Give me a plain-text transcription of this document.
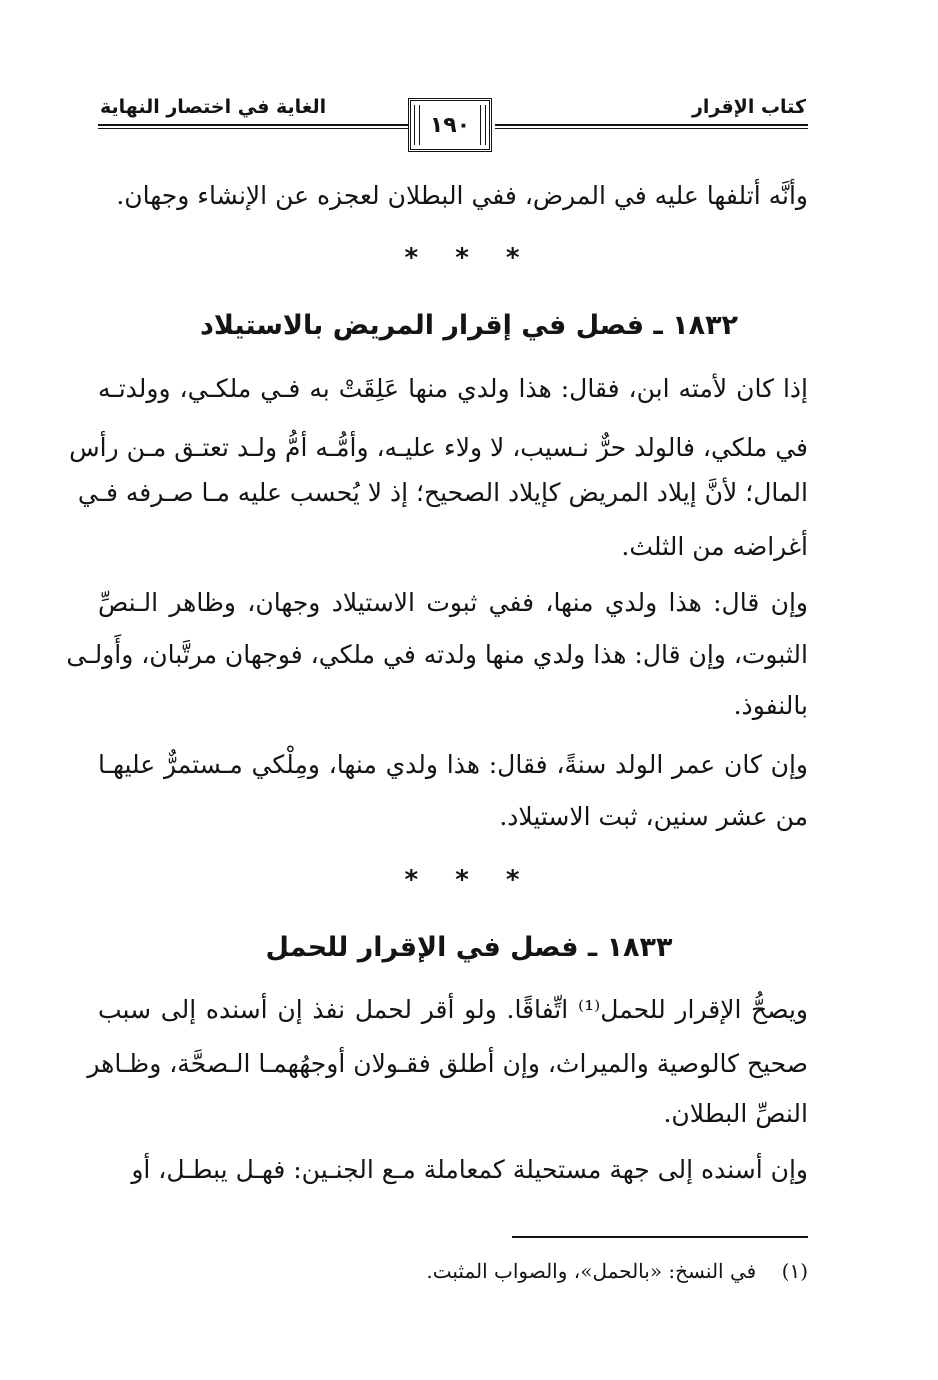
كتاب الإقرار
الغاية في اختصار النهاية
١٩٠
وأنَّه أتلفها عليه في المرض، ففي البطلان لعجزه عن الإنشاء وجهان.
* * *
١٨٣٢ ـ فصل في إقرار المريض بالاستيلاد
إذا كان لأمته ابن، فقال: هذا ولدي منها عَلِقَتْ به فـي ملكـي، وولدتـه
في ملكي، فالولد حرٌّ نـسيب، لا ولاء عليـه، وأمُّـه أمُّ ولـد تعتـق مـن رأس
المال؛ لأنَّ إيلاد المريض كإيلاد الصحيح؛ إذ لا يُحسب عليه مـا صـرفه فـي
أغراضه من الثلث.
وإن قال: هذا ولدي منها، ففي ثبوت الاستيلاد وجهان، وظاهر الـنصِّ
الثبوت، وإن قال: هذا ولدي منها ولدته في ملكي، فوجهان مرتَّبان، وأَولـى
بالنفوذ.
وإن كان عمر الولد سنةً، فقال: هذا ولدي منها، ومِلْكي مـستمرٌّ عليهـا
من عشر سنين، ثبت الاستيلاد.
* * *
١٨٣٣ ـ فصل في الإقرار للحمل
ويصحُّ الإقرار للحمل⁽¹⁾ اتِّفاقًا. ولو أقر لحمل نفذ إن أسنده إلى سبب
صحيح كالوصية والميراث، وإن أطلق فقـولان أوجهُهمـا الـصحَّة، وظـاهر
النصِّ البطلان.
وإن أسنده إلى جهة مستحيلة كمعاملة مـع الجنـين: فهـل يبطـل، أو
(١)    في النسخ: «بالحمل»، والصواب المثبت.
